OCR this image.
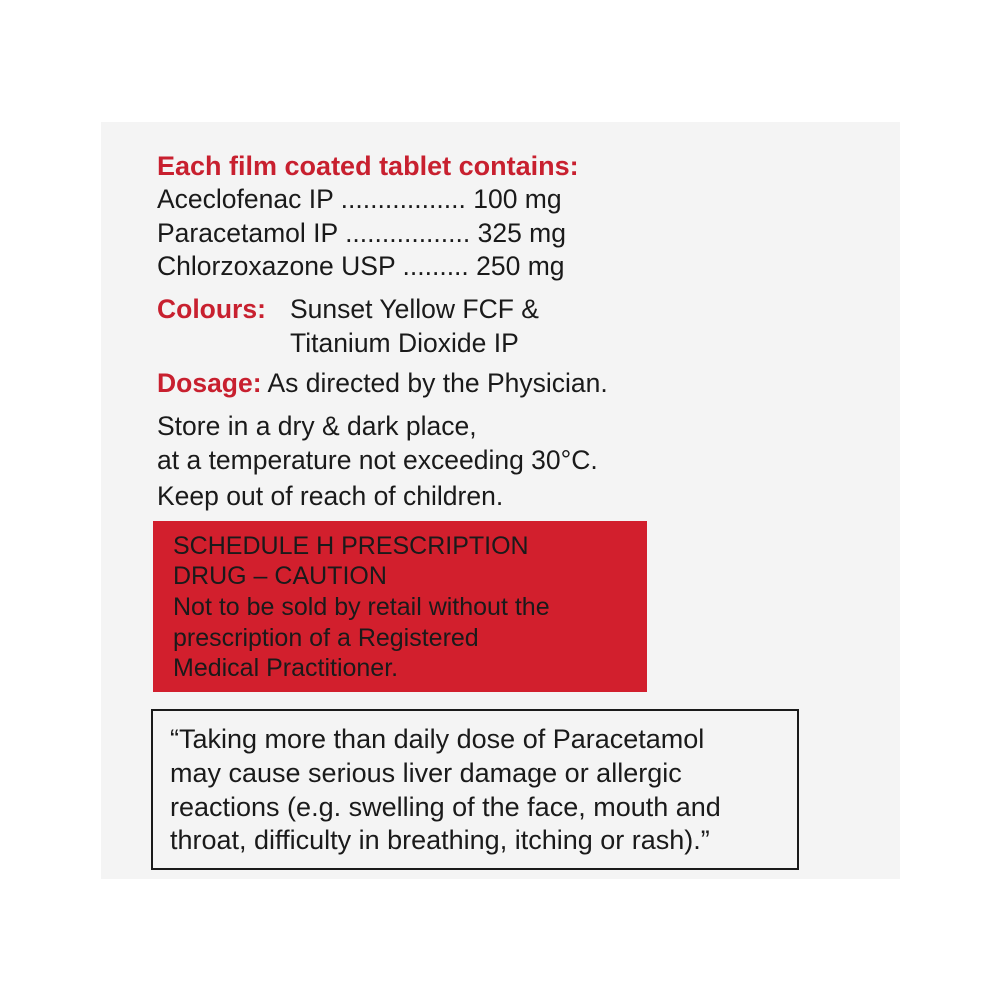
Each film coated tablet contains:
Aceclofenac IP ................. 100 mg
Paracetamol IP ................. 325 mg
Chlorzoxazone USP ......... 250 mg
Colours: Sunset Yellow FCF &
Titanium Dioxide IP
Dosage: As directed by the Physician.
Store in a dry & dark place,
at a temperature not exceeding 30°C.
Keep out of reach of children.
SCHEDULE H PRESCRIPTION
DRUG – CAUTION
Not to be sold by retail without the
prescription of a Registered
Medical Practitioner.
“Taking more than daily dose of Paracetamol
may cause serious liver damage or allergic
reactions (e.g. swelling of the face, mouth and
throat, difficulty in breathing, itching or rash).”
